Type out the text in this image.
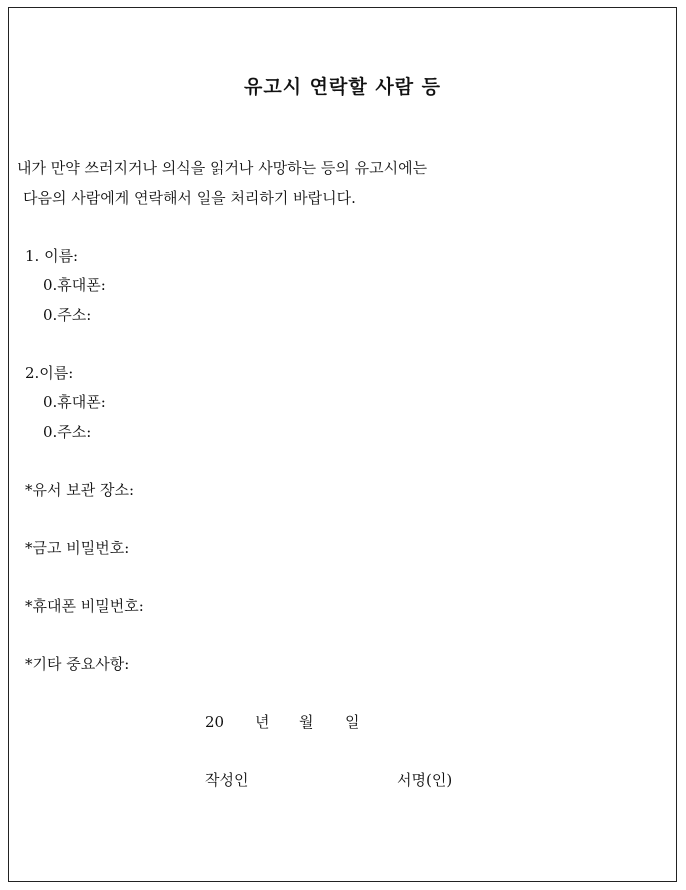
유고시 연락할 사람 등
내가 만약 쓰러지거나 의식을 읽거나 사망하는 등의 유고시에는
다음의 사람에게 연락해서 일을 처리하기 바랍니다.
1. 이름:
0.휴대폰:
0.주소:
2.이름:
0.휴대폰:
0.주소:
*유서 보관 장소:
*금고 비밀번호:
*휴대폰 비밀번호:
*기타 중요사항:
20 년 월 일
작성인	서명(인)
